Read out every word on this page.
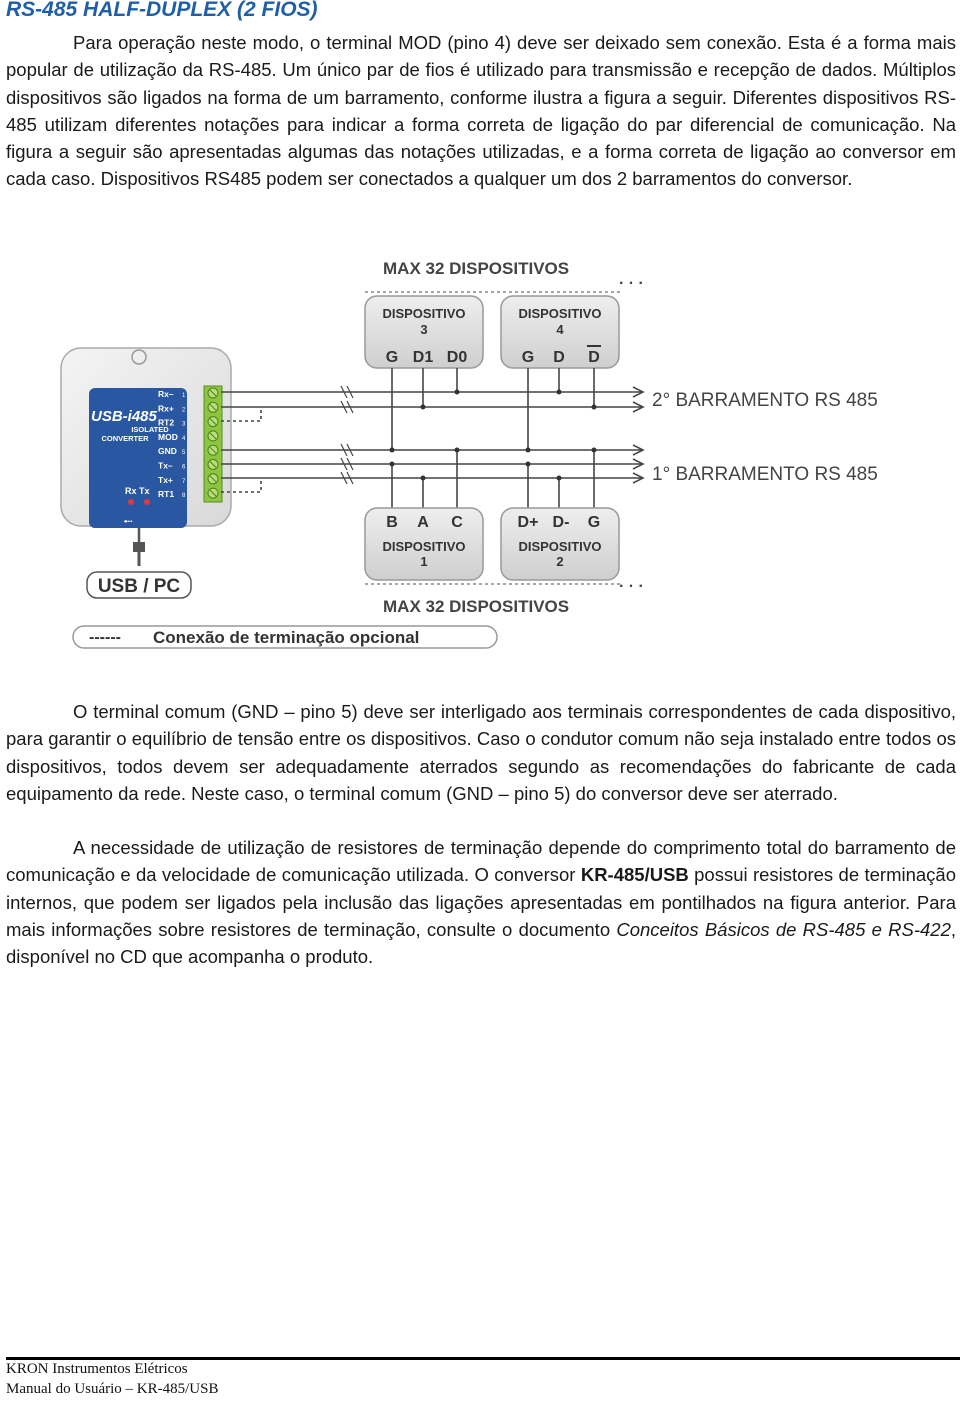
RS-485 HALF-DUPLEX (2 FIOS)

Para operação neste modo, o terminal MOD (pino 4) deve ser deixado sem conexão. Esta é a forma mais popular de utilização da RS-485. Um único par de fios é utilizado para transmissão e recepção de dados. Múltiplos dispositivos são ligados na forma de um barramento, conforme ilustra a figura a seguir. Diferentes dispositivos RS-485 utilizam diferentes notações para indicar a forma correta de ligação do par diferencial de comunicação. Na figura a seguir são apresentadas algumas das notações utilizadas, e a forma correta de ligação ao conversor em cada caso. Dispositivos RS485 podem ser conectados a qualquer um dos 2 barramentos do conversor.

MAX 32 DISPOSITIVOS
· · ·
DISPOSITIVO
3
G D1 D0
DISPOSITIVO
4
G D D
USB-i485
ISOLATED
CONVERTER
Rx Tx
⭪
Rx– 1
Rx+ 2
RT2 3
MOD 4
GND 5
Tx– 6
Tx+ 7
RT1 8
2° BARRAMENTO RS 485
1° BARRAMENTO RS 485
B A C
DISPOSITIVO
1
D+ D- G
DISPOSITIVO
2
· · ·
MAX 32 DISPOSITIVOS
USB / PC
------ Conexão de terminação opcional

O terminal comum (GND – pino 5) deve ser interligado aos terminais correspondentes de cada dispositivo, para garantir o equilíbrio de tensão entre os dispositivos. Caso o condutor comum não seja instalado entre todos os dispositivos, todos devem ser adequadamente aterrados segundo as recomendações do fabricante de cada equipamento da rede. Neste caso, o terminal comum (GND – pino 5) do conversor deve ser aterrado.

A necessidade de utilização de resistores de terminação depende do comprimento total do barramento de comunicação e da velocidade de comunicação utilizada. O conversor KR-485/USB possui resistores de terminação internos, que podem ser ligados pela inclusão das ligações apresentadas em pontilhados na figura anterior. Para mais informações sobre resistores de terminação, consulte o documento Conceitos Básicos de RS-485 e RS-422, disponível no CD que acompanha o produto.

KRON Instrumentos Elétricos
Manual do Usuário – KR-485/USB
